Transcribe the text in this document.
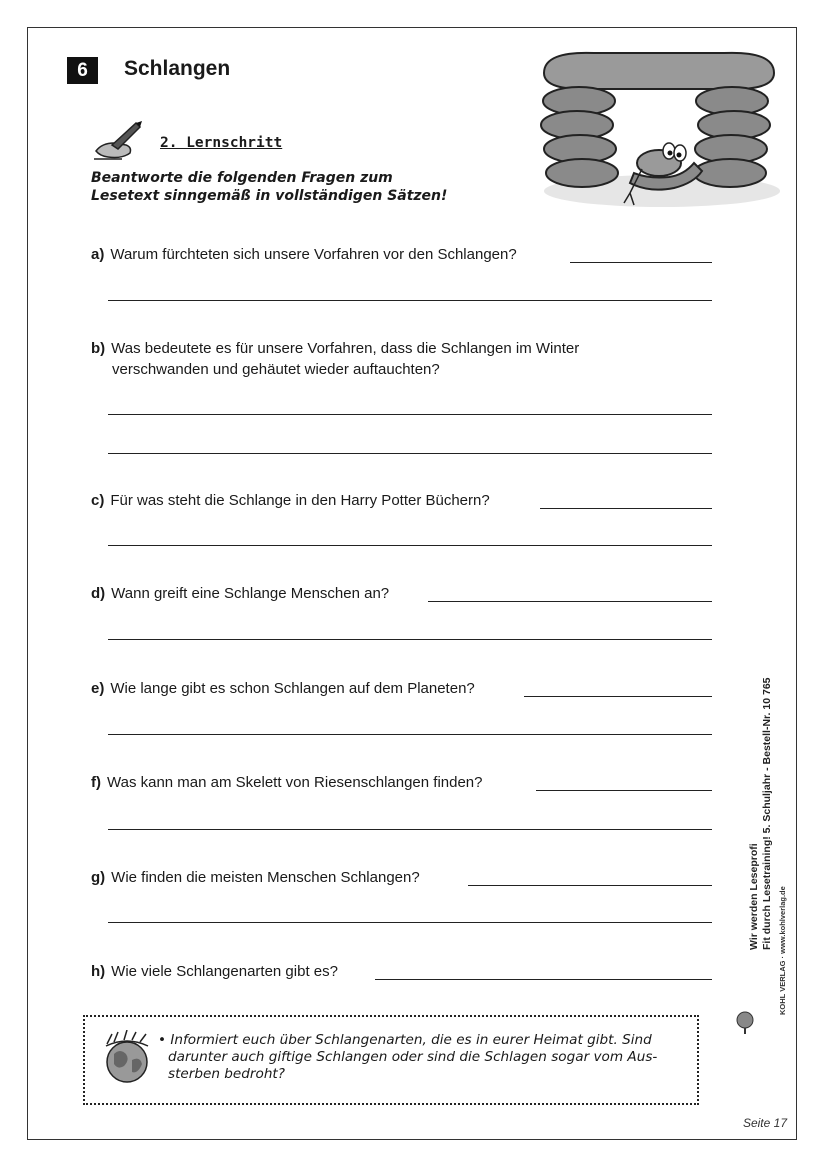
6	Schlangen
2. Lernschritt
Beantworte die folgenden Fragen zum
Lesetext sinngemäß in vollständigen Sätzen!
a) Warum fürchteten sich unsere Vorfahren vor den Schlangen?
b) Was bedeutete es für unsere Vorfahren, dass die Schlangen im Winter
verschwanden und gehäutet wieder auftauchten?
c) Für was steht die Schlange in den Harry Potter Büchern?
d) Wann greift eine Schlange Menschen an?
e) Wie lange gibt es schon Schlangen auf dem Planeten?
f) Was kann man am Skelett von Riesenschlangen finden?
g) Wie finden die meisten Menschen Schlangen?
h) Wie viele Schlangenarten gibt es?
• Informiert euch über Schlangenarten, die es in eurer Heimat gibt. Sind
darunter auch giftige Schlangen oder sind die Schlagen sogar vom Aus-
sterben bedroht?
Seite 17
Wir werden Leseprofi Fit durch Lesetraining! 5. Schuljahr - Bestell-Nr. 10 765
KOHL VERLAG · www.kohlverlag.de
